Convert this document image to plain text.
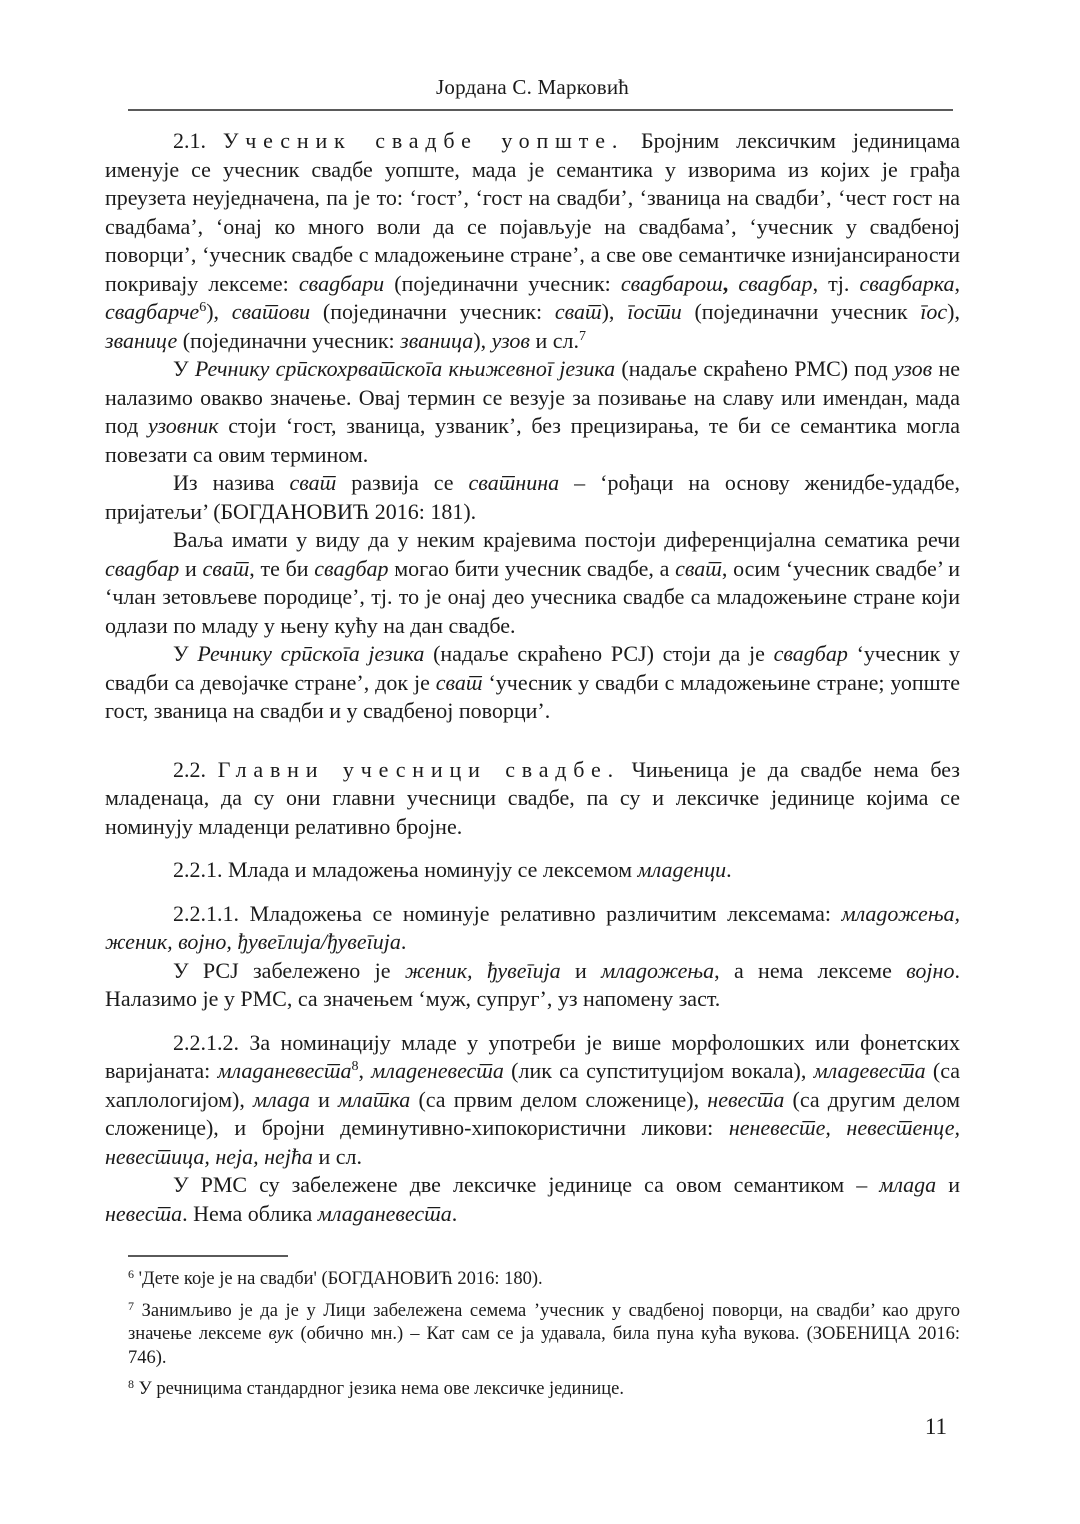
Јордана С. Марковић

2.1. Учесник свадбе уопште. Бројним лексичким јединицама именује се учесник свадбе уопште, мада је семантика у изворима из којих је грађа преузета неуједначена, па је то: ‘гост’, ‘гост на свадби’, ‘званица на свадби’, ‘чест гост на свадбама’, ‘онај ко много воли да се појављује на свадбама’, ‘учесник у свадбеној поворци’, ‘учесник свадбе с младожењине стране’, а све ове семантичке изнијансираности покривају лексеме: свадбари (појединачни учесник: свадбарош, свадбар, тј. свадбарка, свадбарче$^6$), сватови (појединачни учесник: сват), гости (појединачни учесник гос), званице (појединачни учесник: званица), узов и сл.$^7$

У Речнику српскохрватскога књижевног језика (надаље скраћено РМС) под узов не налазимо овакво значење. Овај термин се везује за позивање на славу или имендан, мада под узовник стоји ‘гост, званица, узваник’, без прецизирања, те би се семантика могла повезати са овим термином.

Из назива сват развија се сватнина – ‘рођаци на основу женидбе-удадбе, пријатељи’ (БОГДАНОВИЋ 2016: 181).

Ваља имати у виду да у неким крајевима постоји диференцијална сематика речи свадбар и сват, те би свадбар могао бити учесник свадбе, а сват, осим ‘учесник свадбе’ и ‘члан зетовљеве породице’, тј. то је онај део учесника свадбе са младожењине стране који одлази по младу у њену кућу на дан свадбе.

У Речнику српскога језика (надаље скраћено РСЈ) стоји да је свадбар ‘учесник у свадби са девојачке стране’, док је сват ‘учесник у свадби с младожењине стране; уопште гост, званица на свадби и у свадбеној поворци’.

2.2. Главни учесници свадбе. Чињеница је да свадбе нема без младенаца, да су они главни учесници свадбе, па су и лексичке јединице којима се номинују младенци релативно бројне.

2.2.1. Млада и младожења номинују се лексемом младенци.

2.2.1.1. Младожења се номинује релативно различитим лексемама: младожења, женик, војно, ђувеглија/ђувегија.

У РСЈ забележено је женик, ђувегија и младожења, а нема лексеме војно. Налазимо је у РМС, са значењем ‘муж, супруг’, уз напомену заст.

2.2.1.2. За номинацију младе у употреби је више морфолошких или фонетских варијаната: младаневеста$^8$, младеневеста (лик са супституцијом вокала), младевеста (са хаплологијом), млада и млатка (са првим делом сложенице), невеста (са другим делом сложенице), и бројни деминутивно-хипокористични ликови: неневесте, невестенце, невестица, неја, нејћа и сл.

У РМС су забележене две лексичке јединице са овом семантиком – млада и невеста. Нема облика младаневеста.

$^6$ 'Дете које је на свадби' (БОГДАНОВИЋ 2016: 180).

$^7$ Занимљиво је да је у Лици забележена семема ’учесник у свадбеној поворци, на свадби’ као друго значење лексеме вук (обично мн.) – Кат сам се ја удавала, била пуна кућа вукова. (ЗОБЕНИЦА 2016: 746).

$^8$ У речницима стандардног језика нема ове лексичке јединице.

11
